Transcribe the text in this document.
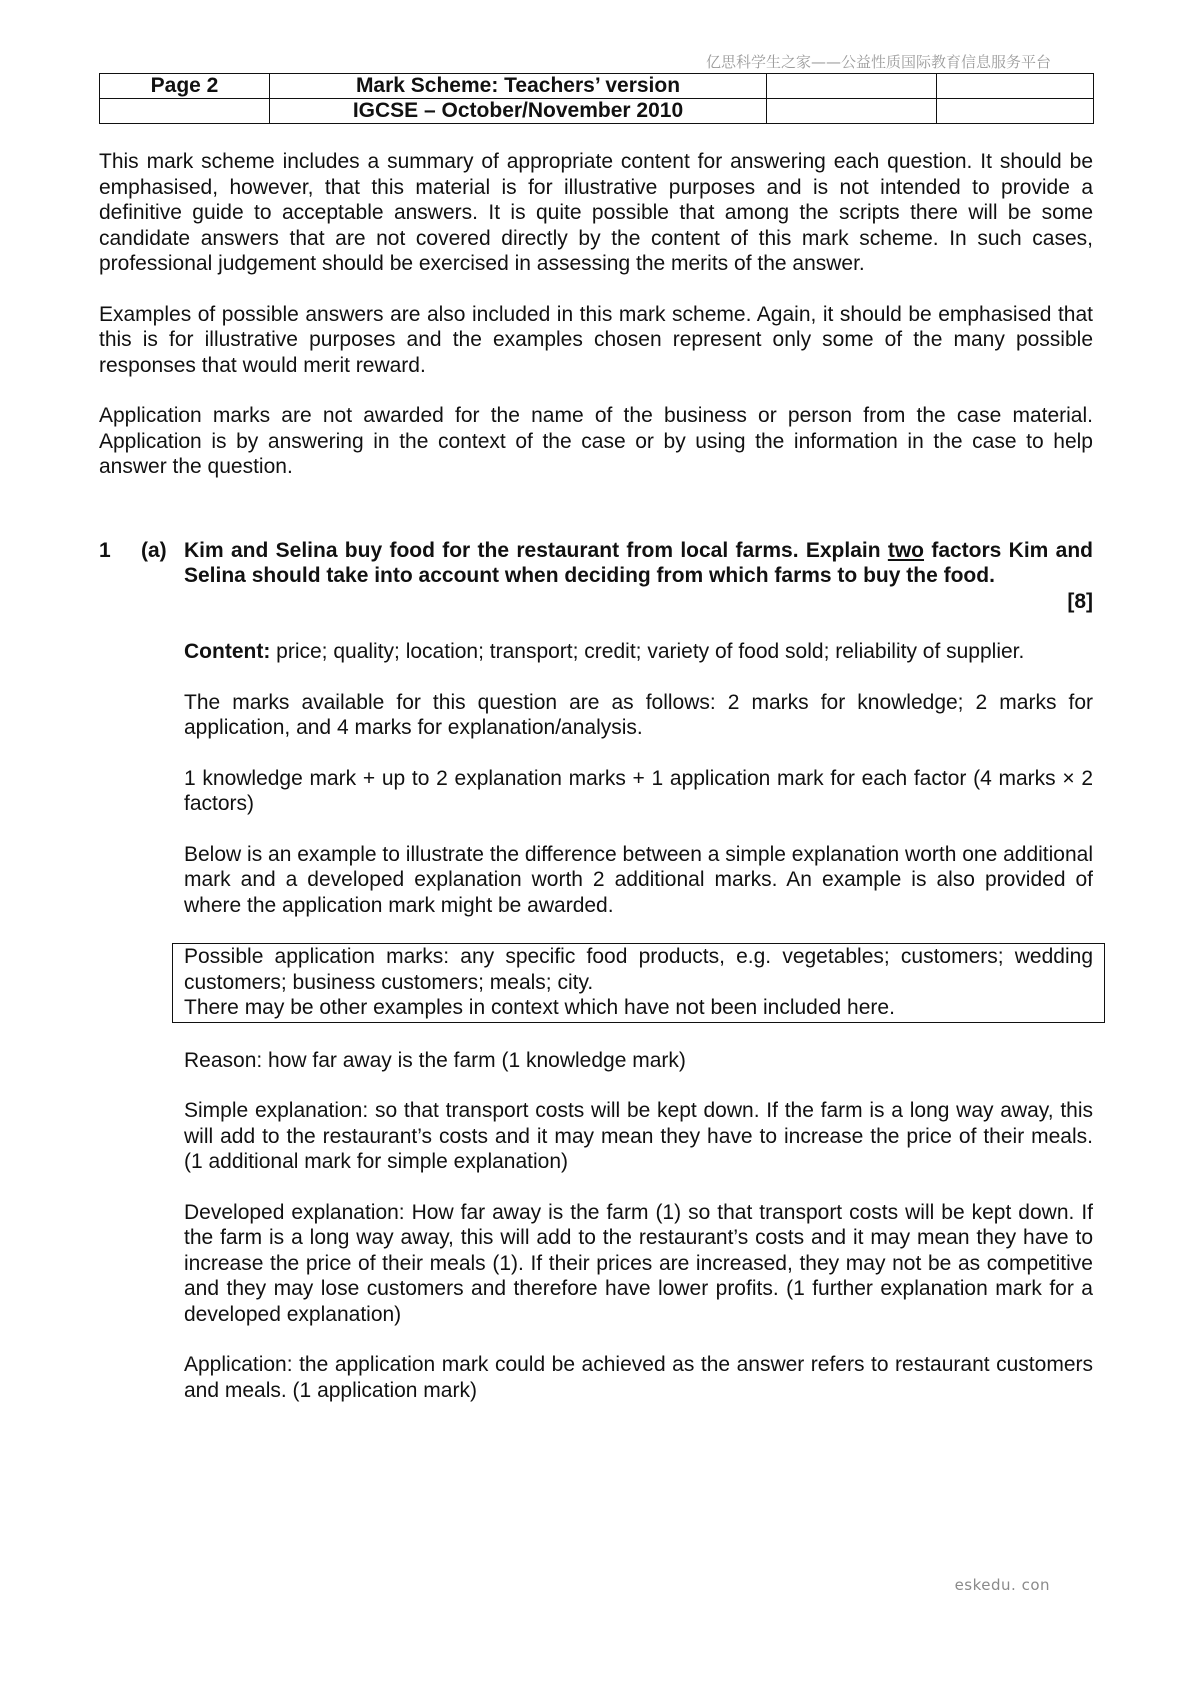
亿思科学生之家——公益性质国际教育信息服务平台
Page 2	Mark Scheme: Teachers’ version		
	IGCSE – October/November 2010		

This mark scheme includes a summary of appropriate content for answering each question. It should be emphasised, however, that this material is for illustrative purposes and is not intended to provide a definitive guide to acceptable answers. It is quite possible that among the scripts there will be some candidate answers that are not covered directly by the content of this mark scheme. In such cases, professional judgement should be exercised in assessing the merits of the answer.

Examples of possible answers are also included in this mark scheme. Again, it should be emphasised that this is for illustrative purposes and the examples chosen represent only some of the many possible responses that would merit reward.

Application marks are not awarded for the name of the business or person from the case material. Application is by answering in the context of the case or by using the information in the case to help answer the question.

1 (a) Kim and Selina buy food for the restaurant from local farms. Explain two factors Kim and Selina should take into account when deciding from which farms to buy the food.

[8]

Content: price; quality; location; transport; credit; variety of food sold; reliability of supplier.

The marks available for this question are as follows: 2 marks for knowledge; 2 marks for application, and 4 marks for explanation/analysis.

1 knowledge mark + up to 2 explanation marks + 1 application mark for each factor (4 marks × 2 factors)

Below is an example to illustrate the difference between a simple explanation worth one additional mark and a developed explanation worth 2 additional marks. An example is also provided of where the application mark might be awarded.

Possible application marks: any specific food products, e.g. vegetables; customers; wedding customers; business customers; meals; city.

There may be other examples in context which have not been included here.

Reason: how far away is the farm (1 knowledge mark)

Simple explanation: so that transport costs will be kept down. If the farm is a long way away, this will add to the restaurant’s costs and it may mean they have to increase the price of their meals. (1 additional mark for simple explanation)

Developed explanation: How far away is the farm (1) so that transport costs will be kept down. If the farm is a long way away, this will add to the restaurant’s costs and it may mean they have to increase the price of their meals (1). If their prices are increased, they may not be as competitive and they may lose customers and therefore have lower profits. (1 further explanation mark for a developed explanation)

Application: the application mark could be achieved as the answer refers to restaurant customers and meals. (1 application mark)

eskedu. con
